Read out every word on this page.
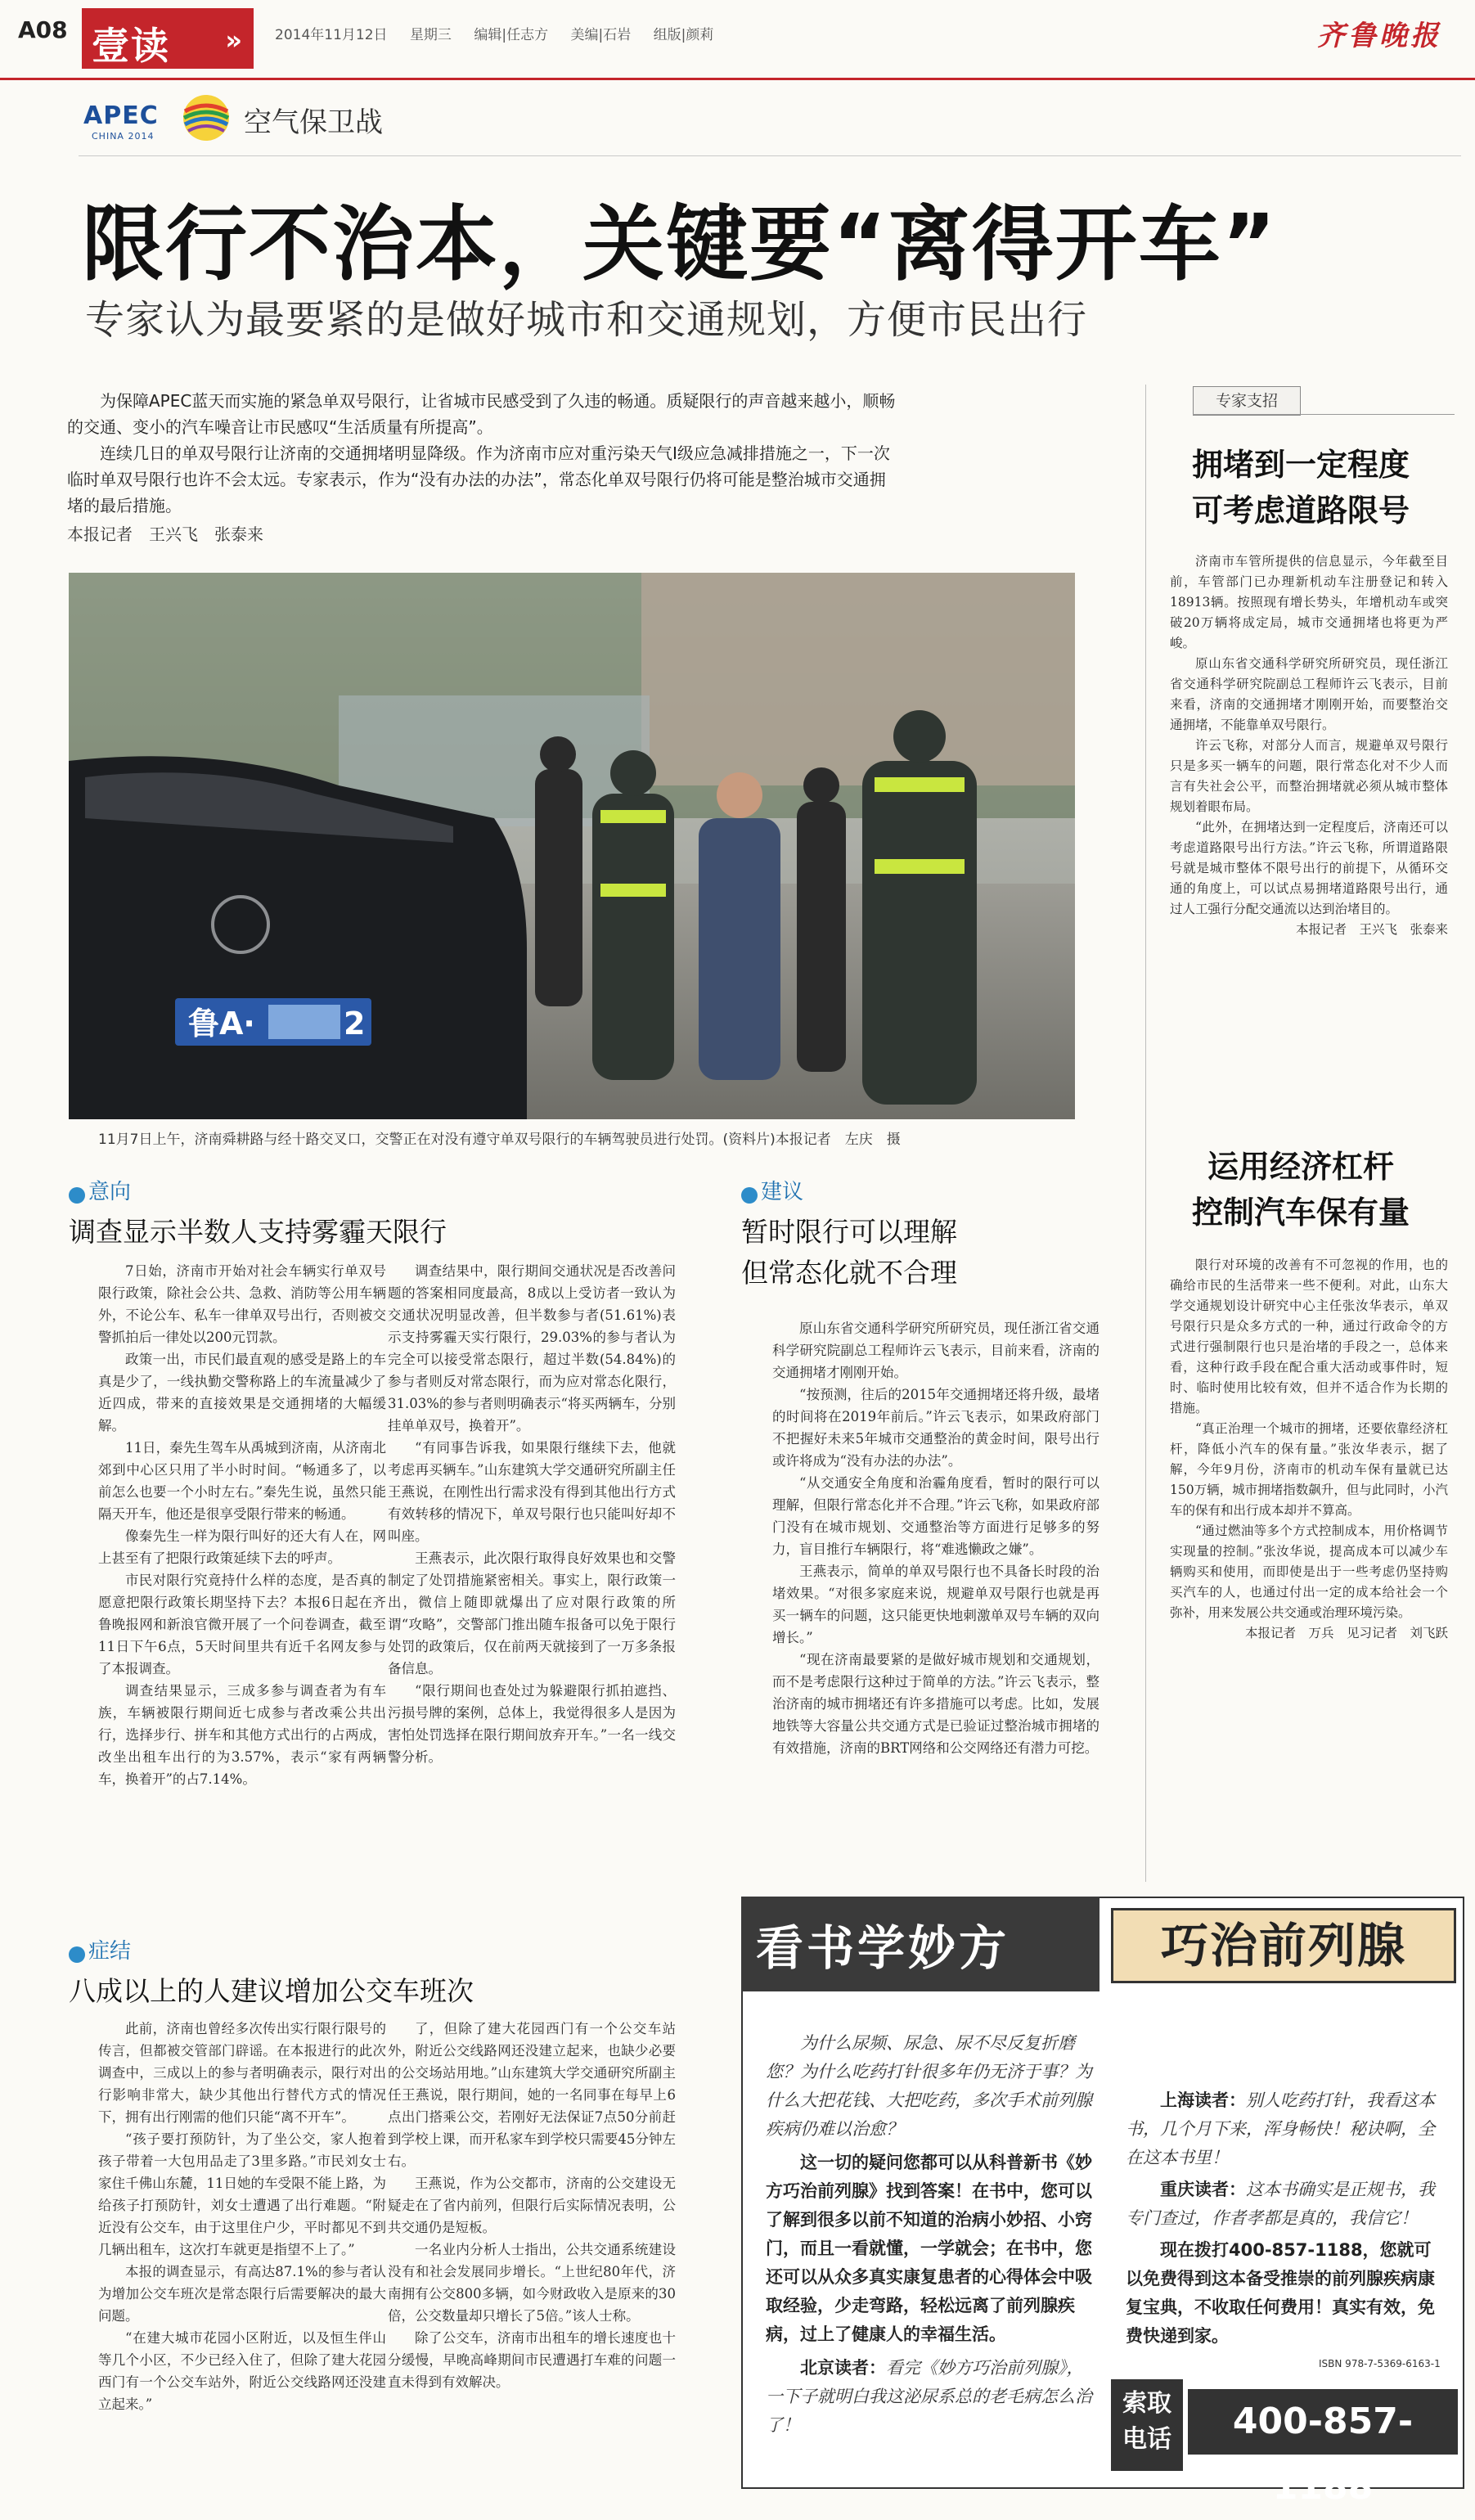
A08 壹读 » 2014年11月12日 星期三 编辑|任志方 美编|石岩 组版|颜莉	齐鲁晚报
APEC
CHINA 2014	空气保卫战
限行不治本，关键要“离得开车”
专家认为最要紧的是做好城市和交通规划，方便市民出行

为保障APEC蓝天而实施的紧急单双号限行，让省城市民感受到了久违的畅通。质疑限行的声音越来越小，顺畅的交通、变小的汽车噪音让市民感叹“生活质量有所提高”。

连续几日的单双号限行让济南的交通拥堵明显降级。作为济南市应对重污染天气Ⅰ级应急减排措施之一，下一次临时单双号限行也许不会太远。专家表示，作为“没有办法的办法”，常态化单双号限行仍将可能是整治城市交通拥堵的最后措施。

本报记者　王兴飞　张泰来
鲁A·	2
11月7日上午，济南舜耕路与经十路交叉口，交警正在对没有遵守单双号限行的车辆驾驶员进行处罚。(资料片)本报记者　左庆　摄
意向
调查显示半数人支持雾霾天限行

7日始，济南市开始对社会车辆实行单双号限行政策，除社会公共、急救、消防等公用车辆外，不论公车、私车一律单双号出行，否则被交警抓拍后一律处以200元罚款。

政策一出，市民们最直观的感受是路上的车真是少了，一线执勤交警称路上的车流量减少了近四成，带来的直接效果是交通拥堵的大幅缓解。

11日，秦先生驾车从禹城到济南，从济南北郊到中心区只用了半小时时间。“畅通多了，以前怎么也要一个小时左右。”秦先生说，虽然只能隔天开车，他还是很享受限行带来的畅通。

像秦先生一样为限行叫好的还大有人在，网上甚至有了把限行政策延续下去的呼声。

市民对限行究竟持什么样的态度，是否真的愿意把限行政策长期坚持下去？本报6日起在齐鲁晚报网和新浪官微开展了一个问卷调查，截至11日下午6点，5天时间里共有近千名网友参与了本报调查。

调查结果显示，三成多参与调查者为有车族，车辆被限行期间近七成参与者改乘公共出行，选择步行、拼车和其他方式出行的占两成，改坐出租车出行的为3.57%，表示“家有两辆车，换着开”的占7.14%。

调查结果中，限行期间交通状况是否改善问题的答案相同度最高，8成以上受访者一致认为交通状况明显改善，但半数参与者(51.61%)表示支持雾霾天实行限行，29.03%的参与者认为完全可以接受常态限行，超过半数(54.84%)的参与者则反对常态限行，而为应对常态化限行，31.03%的参与者则明确表示“将买两辆车，分别挂单单双号，换着开”。

“有同事告诉我，如果限行继续下去，他就考虑再买辆车。”山东建筑大学交通研究所副主任王燕说，在刚性出行需求没有得到其他出行方式有效转移的情况下，单双号限行也只能叫好却不叫座。

王燕表示，此次限行取得良好效果也和交警制定了处罚措施紧密相关。事实上，限行政策一出，微信上随即就爆出了应对限行政策的所谓“攻略”，交警部门推出随车报备可以免于限行处罚的政策后，仅在前两天就接到了一万多条报备信息。

“限行期间也查处过为躲避限行抓拍遮挡、污损号牌的案例，总体上，我觉得很多人是因为害怕处罚选择在限行期间放弃开车。”一名一线交警分析。

建议
暂时限行可以理解
但常态化就不合理

原山东省交通科学研究所研究员，现任浙江省交通科学研究院副总工程师许云飞表示，目前来看，济南的交通拥堵才刚刚开始。

“按预测，往后的2015年交通拥堵还将升级，最堵的时间将在2019年前后。”许云飞表示，如果政府部门不把握好未来5年城市交通整治的黄金时间，限号出行或许将成为“没有办法的办法”。

“从交通安全角度和治霾角度看，暂时的限行可以理解，但限行常态化并不合理。”许云飞称，如果政府部门没有在城市规划、交通整治等方面进行足够多的努力，盲目推行车辆限行，将“难逃懒政之嫌”。

王燕表示，简单的单双号限行也不具备长时段的治堵效果。“对很多家庭来说，规避单双号限行也就是再买一辆车的问题，这只能更快地刺激单双号车辆的双向增长。”

“现在济南最要紧的是做好城市规划和交通规划，而不是考虑限行这种过于简单的方法。”许云飞表示，整治济南的城市拥堵还有许多措施可以考虑。比如，发展地铁等大容量公共交通方式是已验证过整治城市拥堵的有效措施，济南的BRT网络和公交网络还有潜力可挖。

症结
八成以上的人建议增加公交车班次

此前，济南也曾经多次传出实行限行限号的传言，但都被交管部门辟谣。在本报进行的此次调查中，三成以上的参与者明确表示，限行对出行影响非常大，缺少其他出行替代方式的情况下，拥有出行刚需的他们只能“离不开车”。

“孩子要打预防针，为了坐公交，家人抱着孩子带着一大包用品走了3里多路。”市民刘女士家住千佛山东麓，11日她的车受限不能上路，为给孩子打预防针，刘女士遭遇了出行难题。“附近没有公交车，由于这里住户少，平时都见不到几辆出租车，这次打车就更是指望不上了。”

本报的调查显示，有高达87.1%的参与者认为增加公交车班次是常态限行后需要解决的最大问题。

“在建大城市花园小区附近，以及恒生伴山等几个小区，不少已经入住了，但除了建大花园西门有一个公交车站外，附近公交线路网还没建立起来。”

了，但除了建大花园西门有一个公交车站外，附近公交线路网还没建立起来，也缺少必要的公交场站用地。”山东建筑大学交通研究所副主任王燕说，限行期间，她的一名同事在每早上6点出门搭乘公交，若刚好无法保证7点50分前赶到学校上课，而开私家车到学校只需要45分钟左右。

王燕说，作为公交都市，济南的公交建设无疑走在了省内前列，但限行后实际情况表明，公共交通仍是短板。

一名业内分析人士指出，公共交通系统建设没有和社会发展同步增长。“上世纪80年代，济南拥有公交800多辆，如今财政收入是原来的30倍，公交数量却只增长了5倍。”该人士称。

除了公交车，济南市出租车的增长速度也十分缓慢，早晚高峰期间市民遭遇打车难的问题一直未得到有效解决。

专家支招
拥堵到一定程度
可考虑道路限号

济南市车管所提供的信息显示，今年截至目前，车管部门已办理新机动车注册登记和转入18913辆。按照现有增长势头，年增机动车或突破20万辆将成定局，城市交通拥堵也将更为严峻。

原山东省交通科学研究所研究员，现任浙江省交通科学研究院副总工程师许云飞表示，目前来看，济南的交通拥堵才刚刚开始，而要整治交通拥堵，不能靠单双号限行。

许云飞称，对部分人而言，规避单双号限行只是多买一辆车的问题，限行常态化对不少人而言有失社会公平，而整治拥堵就必须从城市整体规划着眼布局。

“此外，在拥堵达到一定程度后，济南还可以考虑道路限号出行方法。”许云飞称，所谓道路限号就是城市整体不限号出行的前提下，从循环交通的角度上，可以试点易拥堵道路限号出行，通过人工强行分配交通流以达到治堵目的。

本报记者　王兴飞　张泰来

运用经济杠杆
控制汽车保有量

限行对环境的改善有不可忽视的作用，也的确给市民的生活带来一些不便利。对此，山东大学交通规划设计研究中心主任张汝华表示，单双号限行只是众多方式的一种，通过行政命令的方式进行强制限行也只是治堵的手段之一，总体来看，这种行政手段在配合重大活动或事件时，短时、临时使用比较有效，但并不适合作为长期的措施。

“真正治理一个城市的拥堵，还要依靠经济杠杆，降低小汽车的保有量。”张汝华表示，据了解，今年9月份，济南市的机动车保有量就已达150万辆，城市拥堵指数飙升，但与此同时，小汽车的保有和出行成本却并不算高。

“通过燃油等多个方式控制成本，用价格调节实现量的控制。”张汝华说，提高成本可以减少车辆购买和使用，而即使是出于一些考虑仍坚持购买汽车的人，也通过付出一定的成本给社会一个弥补，用来发展公共交通或治理环境污染。

本报记者　万兵　见习记者　刘飞跃

看书学妙方	巧治前列腺
为什么尿频、尿急、尿不尽反复折磨您？为什么吃药打针很多年仍无济于事？为什么大把花钱、大把吃药，多次手术前列腺疾病仍难以治愈？
这一切的疑问您都可以从科普新书《妙方巧治前列腺》找到答案！在书中，您可以了解到很多以前不知道的治病小妙招、小窍门，而且一看就懂，一学就会；在书中，您还可以从众多真实康复患者的心得体会中吸取经验，少走弯路，轻松远离了前列腺疾病，过上了健康人的幸福生活。
北京读者：看完《妙方巧治前列腺》，一下子就明白我这泌尿系总的老毛病怎么治了！
上海读者：别人吃药打针，我看这本书，几个月下来，浑身畅快！秘诀啊，全在这本书里！
重庆读者：这本书确实是正规书，我专门查过，作者孝都是真的，我信它！
现在拨打400-857-1188，您就可以免费得到这本备受推崇的前列腺疾病康复宝典，不收取任何费用！真实有效，免费快递到家。
ISBN 978-7-5369-6163-1
索取
电话	400-857-1188
